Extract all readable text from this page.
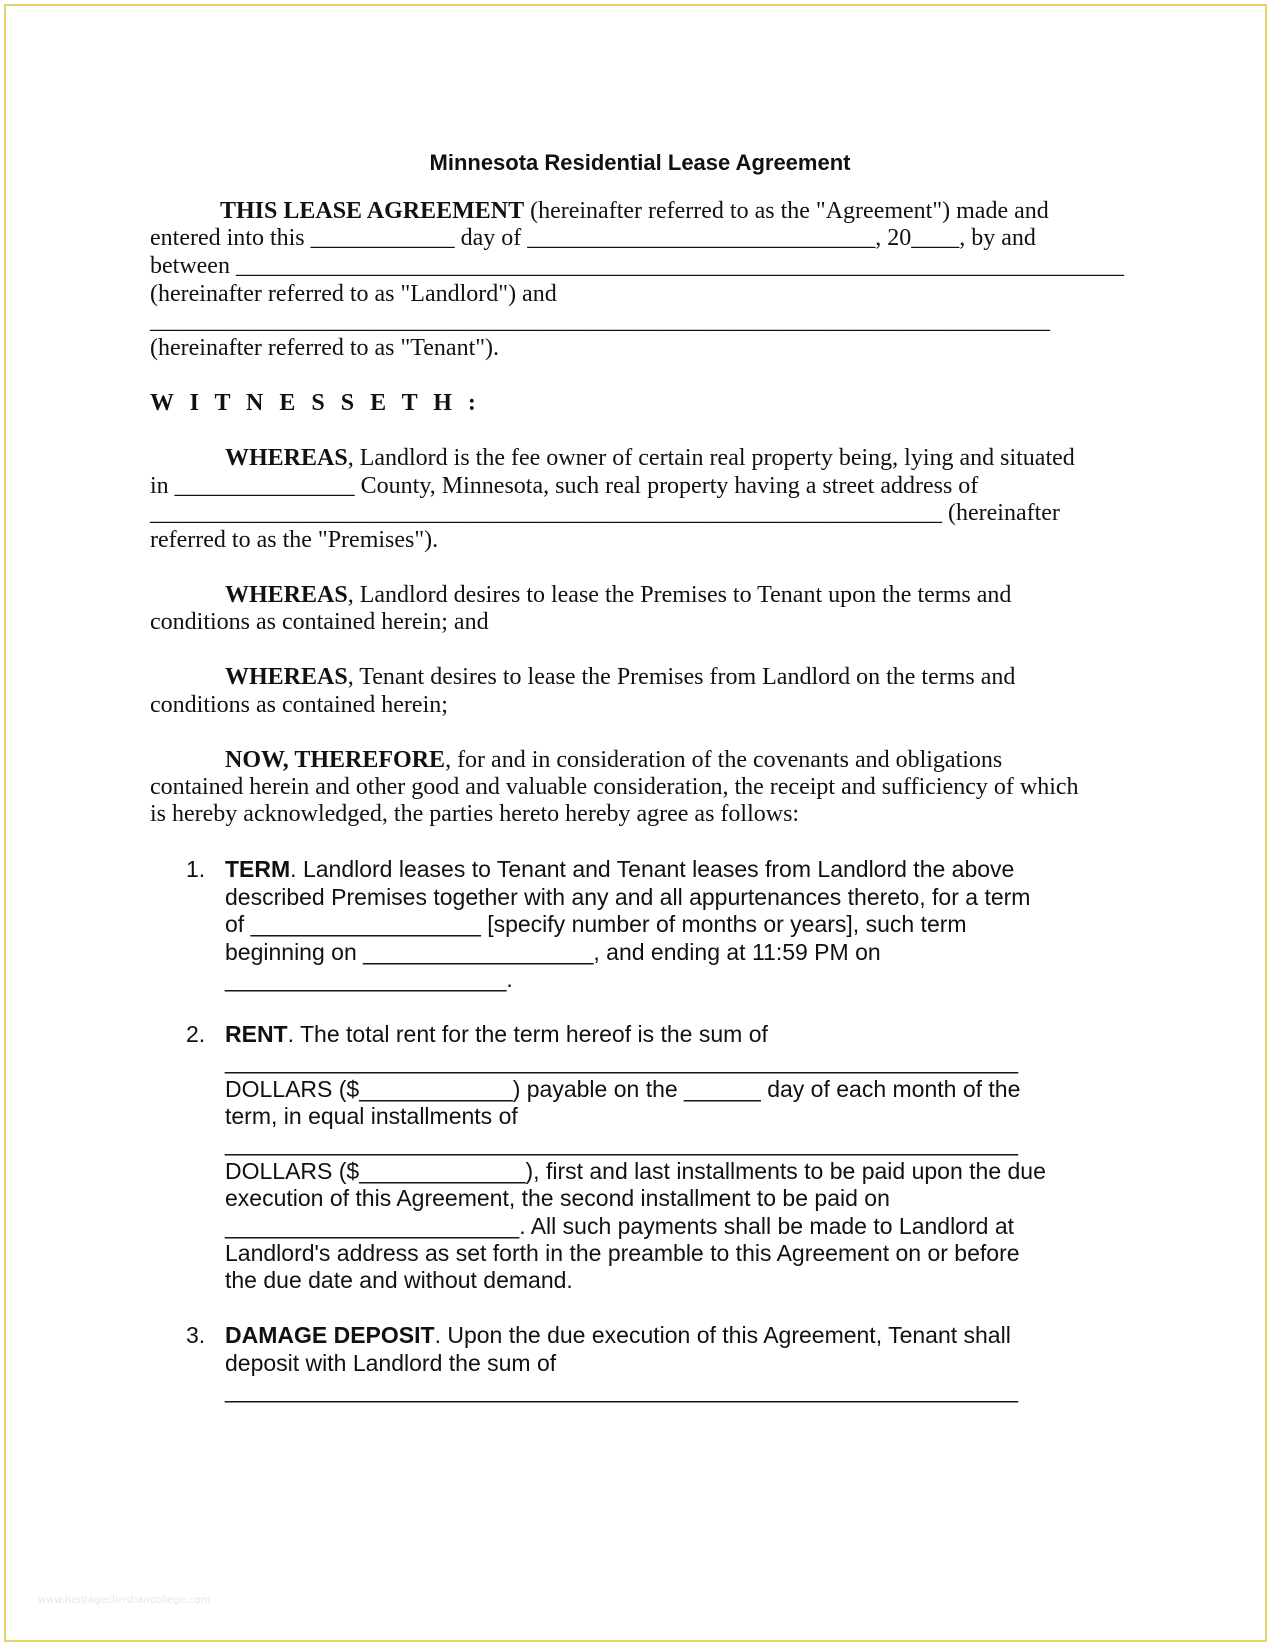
Minnesota Residential Lease Agreement

THIS LEASE AGREEMENT (hereinafter referred to as the "Agreement") made and

entered into this ____________ day of _____________________________, 20____, by and

between __________________________________________________________________________

(hereinafter referred to as "Landlord") and

___________________________________________________________________________

(hereinafter referred to as "Tenant").

W I T N E S S E T H :

WHEREAS, Landlord is the fee owner of certain real property being, lying and situated

in _______________ County, Minnesota, such real property having a street address of

__________________________________________________________________ (hereinafter

referred to as the "Premises").

WHEREAS, Landlord desires to lease the Premises to Tenant upon the terms and

conditions as contained herein; and

WHEREAS, Tenant desires to lease the Premises from Landlord on the terms and

conditions as contained herein;

NOW, THEREFORE, for and in consideration of the covenants and obligations

contained herein and other good and valuable consideration, the receipt and sufficiency of which

is hereby acknowledged, the parties hereto hereby agree as follows:

1. TERM. Landlord leases to Tenant and Tenant leases from Landlord the above

described Premises together with any and all appurtenances thereto, for a term

of __________________ [specify number of months or years], such term

beginning on __________________, and ending at 11:59 PM on

______________________.

2. RENT. The total rent for the term hereof is the sum of

______________________________________________________________

DOLLARS ($____________) payable on the ______ day of each month of the

term, in equal installments of

______________________________________________________________

DOLLARS ($_____________), first and last installments to be paid upon the due

execution of this Agreement, the second installment to be paid on

_______________________. All such payments shall be made to Landlord at

Landlord's address as set forth in the preamble to this Agreement on or before

the due date and without demand.

3. DAMAGE DEPOSIT. Upon the due execution of this Agreement, Tenant shall

deposit with Landlord the sum of

______________________________________________________________

www.heritagechristiancollege.com
